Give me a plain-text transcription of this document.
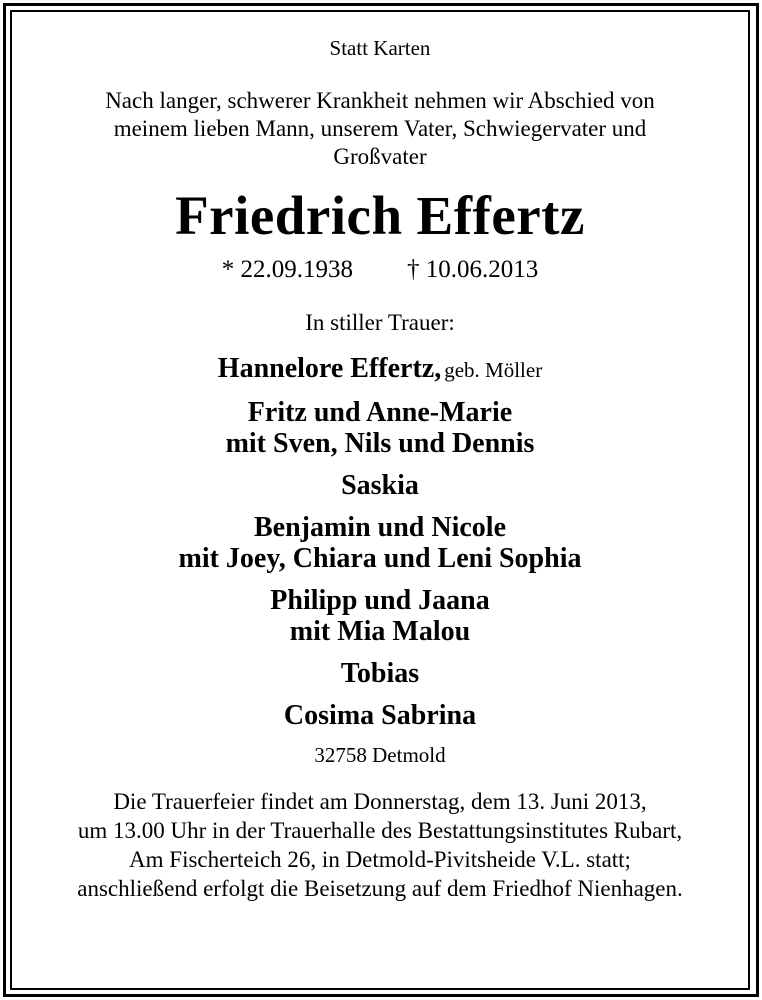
Statt Karten
Nach langer, schwerer Krankheit nehmen wir Abschied von
meinem lieben Mann, unserem Vater, Schwiegervater und
Großvater
Friedrich Effertz
* 22.09.1938 † 10.06.2013
In stiller Trauer:
Hannelore Effertz, geb. Möller
Fritz und Anne-Marie
mit Sven, Nils und Dennis
Saskia
Benjamin und Nicole
mit Joey, Chiara und Leni Sophia
Philipp und Jaana
mit Mia Malou
Tobias
Cosima Sabrina
32758 Detmold
Die Trauerfeier findet am Donnerstag, dem 13. Juni 2013,
um 13.00 Uhr in der Trauerhalle des Bestattungsinstitutes Rubart,
Am Fischerteich 26, in Detmold-Pivitsheide V.L. statt;
anschließend erfolgt die Beisetzung auf dem Friedhof Nienhagen.
